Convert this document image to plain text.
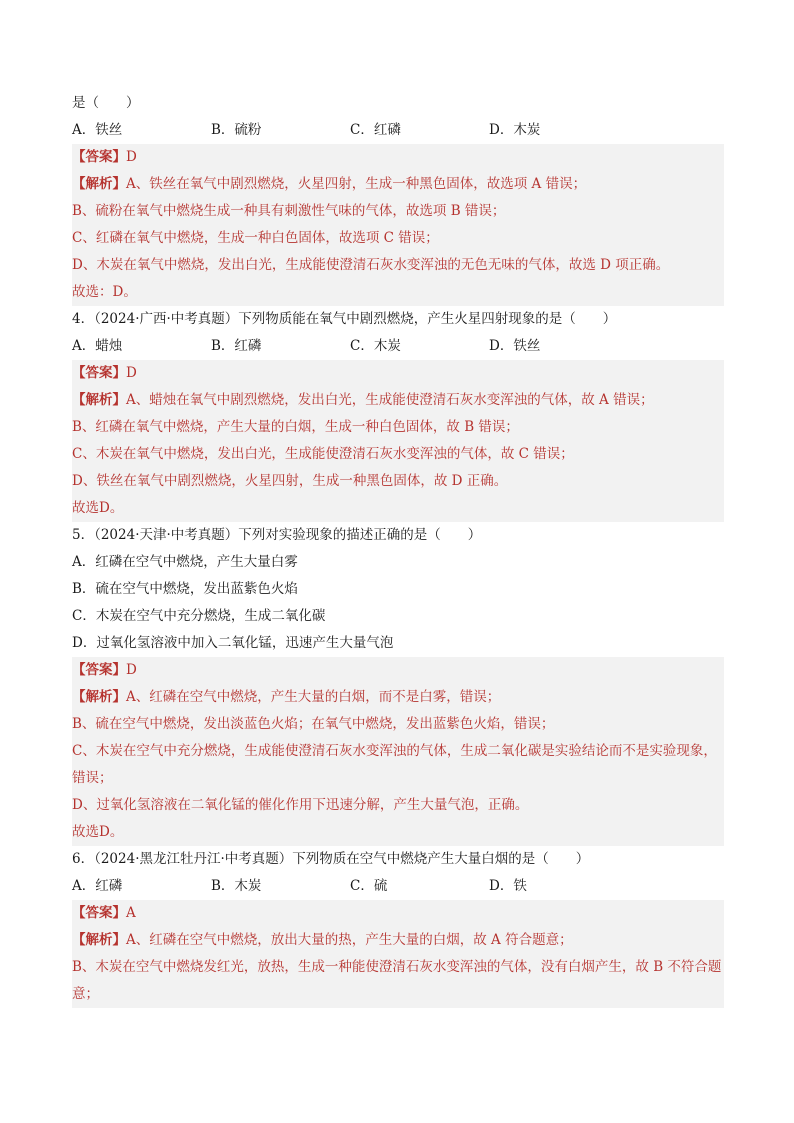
是（　　）
A．铁丝	B．硫粉	C．红磷	D．木炭
【答案】D
【解析】A、铁丝在氧气中剧烈燃烧，火星四射，生成一种黑色固体，故选项 A 错误；
B、硫粉在氧气中燃烧生成一种具有刺激性气味的气体，故选项 B 错误；
C、红磷在氧气中燃烧，生成一种白色固体，故选项 C 错误；
D、木炭在氧气中燃烧，发出白光，生成能使澄清石灰水变浑浊的无色无味的气体，故选 D 项正确。
故选：D。
4．（2024·广西·中考真题）下列物质能在氧气中剧烈燃烧，产生火星四射现象的是（　　）
A．蜡烛	B．红磷	C．木炭	D．铁丝
【答案】D
【解析】A、蜡烛在氧气中剧烈燃烧，发出白光，生成能使澄清石灰水变浑浊的气体，故 A 错误；
B、红磷在氧气中燃烧，产生大量的白烟，生成一种白色固体，故 B 错误；
C、木炭在氧气中燃烧，发出白光，生成能使澄清石灰水变浑浊的气体，故 C 错误；
D、铁丝在氧气中剧烈燃烧，火星四射，生成一种黑色固体，故 D 正确。
故选D。
5．（2024·天津·中考真题）下列对实验现象的描述正确的是（　　）
A．红磷在空气中燃烧，产生大量白雾
B．硫在空气中燃烧，发出蓝紫色火焰
C．木炭在空气中充分燃烧，生成二氧化碳
D．过氧化氢溶液中加入二氧化锰，迅速产生大量气泡
【答案】D
【解析】A、红磷在空气中燃烧，产生大量的白烟，而不是白雾，错误；
B、硫在空气中燃烧，发出淡蓝色火焰；在氧气中燃烧，发出蓝紫色火焰，错误；
C、木炭在空气中充分燃烧，生成能使澄清石灰水变浑浊的气体，生成二氧化碳是实验结论而不是实验现象，错误；
D、过氧化氢溶液在二氧化锰的催化作用下迅速分解，产生大量气泡，正确。
故选D。
6．（2024·黑龙江牡丹江·中考真题）下列物质在空气中燃烧产生大量白烟的是（　　）
A．红磷	B．木炭	C．硫	D．铁
【答案】A
【解析】A、红磷在空气中燃烧，放出大量的热，产生大量的白烟，故 A 符合题意；
B、木炭在空气中燃烧发红光，放热，生成一种能使澄清石灰水变浑浊的气体，没有白烟产生，故 B 不符合题意；
